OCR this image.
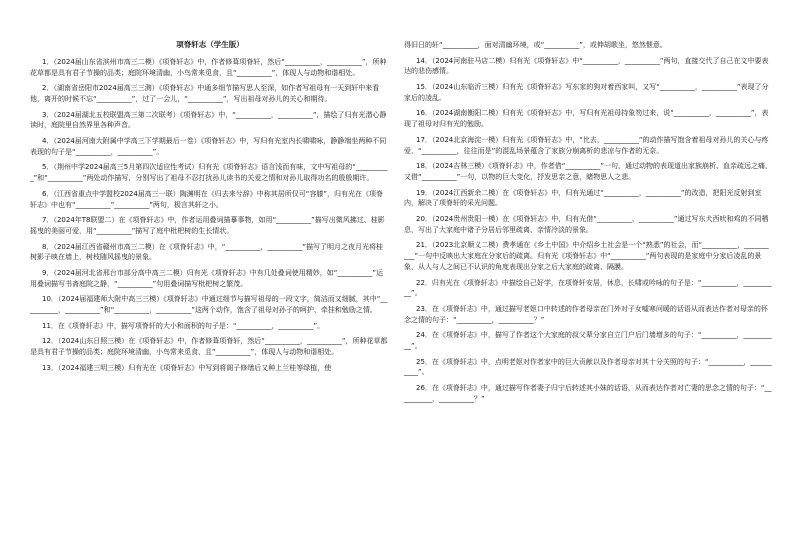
项脊轩志（学生版）

1．（2024届山东省滨州市高三二模）《项脊轩志》中，作者修葺项脊轩，然后“__________，__________”，所种花草都是具有君子节操的品类；庭院环境清幽，小鸟常来觅食，且“__________”，体现人与动物和谐相处。

2．（湖南省岳阳市2024届高三三测）《项脊轩志》中通多细节描写思人至深，如作者写祖母有一天到轩中来看他，离开的时候不忘“__________”，过了一会儿，“__________”，写出祖母对孙儿的关心和期待。

3．（2024届湖北五校联盟高三第二次联考）《项脊轩志》中，“__________，__________”，描绘了归有光潜心静读时，庭院里自然界里各种声音。

4．（2024届河南大附属中学高三下学期最后一卷）《项脊轩志》中，写归有光室内长啸啸咏，静静端坐两种不同表现的句子是“__________，__________”。

5．（荆州中学2024届高三5月第四次适应性考试）归有光《项脊轩志》语言浅而有味，文中写祖母的“__________”和“__________”两处动作描写，分别写出了祖母不忍打扰孙儿读书的关爱之情和对孙儿取得功名的殷殷期许。

6．（江西省重点中学盟校2024届高三一联）陶渊明在《归去来兮辞》中称其居所仅可“容膝”，归有光在《项脊轩志》中也有“__________”__________”两句，极言其轩之小。

7．（2024年T8联盟二）在《项脊轩志》中，作者运用叠词描摹事物，如用“__________”描写出微风拂过、桂影摇曳的美丽可爱，用“__________”描写了庭中枇杷树的生长情状。

8．（2024届江西省赣州市高三二模）在《项脊轩志》中，“__________，__________”描写了明月之夜月光将桂树影子映在墙上，树枝随风摇曳的景象。

9．（2024届河北省邢台市部分高中高三二模）归有光《项脊轩志》中有几处叠词使用精妙，如“__________”运用叠词描写书斋庭院之静，“__________”句用叠词描写枇杷树之繁茂。

10．（2024届福建师大附中高三三模）《项脊轩志》中通过细节与描写祖母的一段文字，简洁而又细腻，其中“__________，__________”和“__________，__________”这两个动作，饱含了祖母对孙子的呵护、牵挂和勉励之情。

11．在《项脊轩志》中，描写项脊轩的大小和面积的句子是：“__________，__________”。

12．（2024山东日照三模）在《项脊轩志》中，作者修葺项脊轩，然后“__________，__________”，所种花草都是具有君子节操的品类；庭院环境清幽，小鸟常来觅食，且“__________”，体现人与动物和谐相处。

13．（2024福建三明三模）归有光在《项脊轩志》中写到将阁子修缮后又种上兰桂等绿植，使

得旧日的轩“__________，面对清幽环境，或“__________”，或伸胡歌坐，悠然惬意。

14．（2024河南驻马店二模）归有光《项脊轩志》中“__________，__________”两句，直接交代了自己在文中要表达的悲伤感情。

15．（2024山东临沂三模）归有光《项脊轩志》写东家的狗对着西家叫，又写“__________，__________”表现了分家后的凌乱。

16．（2024湖南衡阳二模）归有光《项脊轩志》中，写归有光祖母持象笏过来，说“__________，__________”，表现了祖母对归有光的勉励。

17．（2024北京海淀一模）归有光《项脊轩志》中，“比去，__________”的动作描写饱含着祖母对孙儿的关心与疼爱，“__________，往往而是”的混乱场景蕴含了家族分崩离析的悲凉与作者的无奈。

18．（2024吉林三模）《项脊轩志》中，作者借“__________”一句，通过动物的表现道出家族崩析、血亲疏远之痛，又借“__________”一句，以物的巨大变化，抒发思亲之意，睹物思人之悲。

19．（2024江西新余二模）在《项脊轩志》中，归有光通过“__________，__________”的改造，把阳光反射到室内，解决了项脊轩的采光问题。

20．（2024贵州贵阳一模）在《项脊轩志》中，归有光借“__________，__________”通过写东犬西吠和鸡的不同栖息，写出了大家庭中诸子分居后邻里疏离、亲情冷淡的景象。

21．（2023北京顺义二模）费孝通在《乡土中国》中介绍乡土社会是一个“熟悉”的社会，而“__________，__________”一句中反映出大家庭在分家后的疏离。归有光《项脊轩志》中“__________”两句表现的是家庭中分家后凌乱的景象，从人与人之间已不认识的角度表现出分家之后大家庭的疏离、隔膜。

22．归有光在《项脊轩志》中描绘自己好学，在项脊轩安居，休息，长啸或吟咏的句子是：“__________，__________”。

23．在《项脊轩志》中，通过描写老妪口中转述的作者母亲在门外对子女嘘寒问暖的话语从而表达作者对母亲的怀念之情的句子：“__________，__________？”

24．在《项脊轩志》中，描写了作者这个大家庭的叔父辈分家自立门户后门墙增多的句子：“__________，__________”。

25．在《项脊轩志》中，点明老妪对作者家中的巨大贡献以及作者母亲对其十分关照的句子：“__________，__________”。

26．在《项脊轩志》中，通过描写作者妻子归宁后转述其小妹的话语，从而表达作者对亡妻的思念之情的句子：“__________，__________？”
